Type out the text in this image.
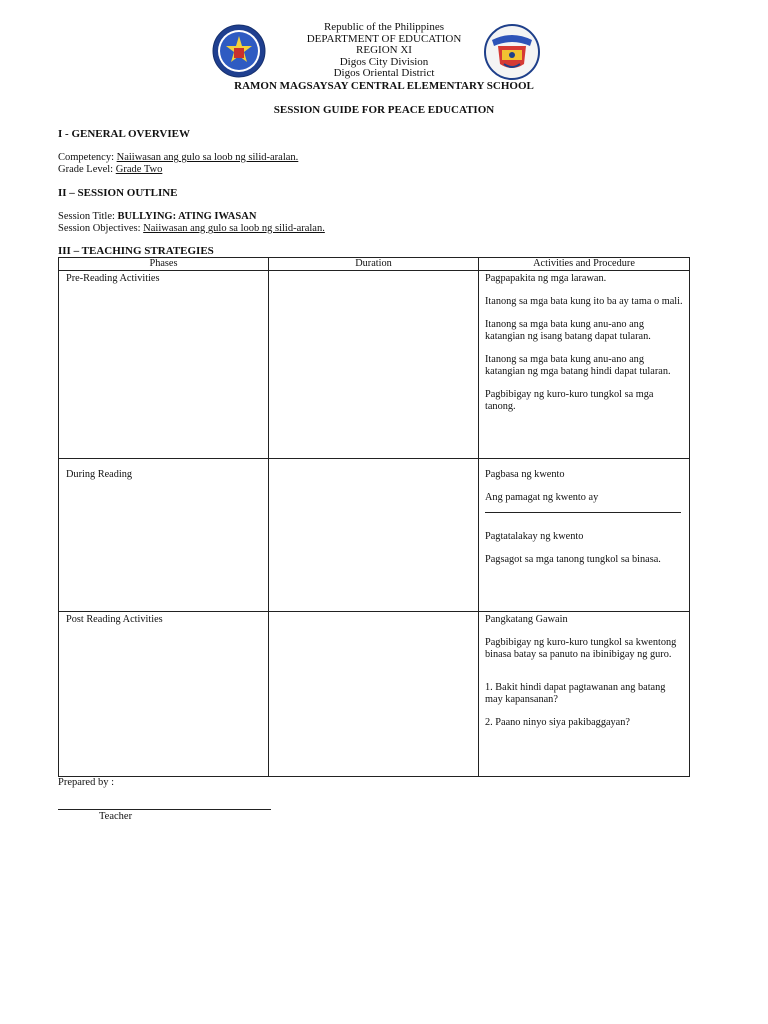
Republic of the Philippines
DEPARTMENT OF EDUCATION
REGION XI
Digos City Division
Digos Oriental District
RAMON MAGSAYSAY CENTRAL ELEMENTARY SCHOOL
SESSION GUIDE FOR PEACE EDUCATION
I - GENERAL OVERVIEW
Competency: Naiiwasan ang gulo sa loob ng silid-aralan.
Grade Level: Grade Two
II – SESSION OUTLINE
Session Title: BULLYING: ATING IWASAN
Session Objectives: Naiiwasan ang gulo sa loob ng silid-aralan.
III – TEACHING STRATEGIES
Phases	Duration	Activities and Procedure
Pre-Reading Activities		Pagpapakita ng mga larawan.

Itanong sa mga bata kung ito ba ay tama o mali.

Itanong sa mga bata kung anu-ano ang katangian ng isang batang dapat tularan.

Itanong sa mga bata kung anu-ano ang katangian ng mga batang hindi dapat tularan.

Pagbibigay ng kuro-kuro tungkol sa mga tanong.

During Reading		Pagbasa ng kwento

Ang pamagat ng kwento ay

Pagtatalakay ng kwento

Pagsagot sa mga tanong tungkol sa binasa.

Post Reading Activities		Pangkatang Gawain

Pagbibigay ng kuro-kuro tungkol sa kwentong binasa batay sa panuto na ibinibigay ng guro.

1. Bakit hindi dapat pagtawanan ang batang may kapansanan?

2. Paano ninyo siya pakibaggayan?

Prepared by :
Teacher
